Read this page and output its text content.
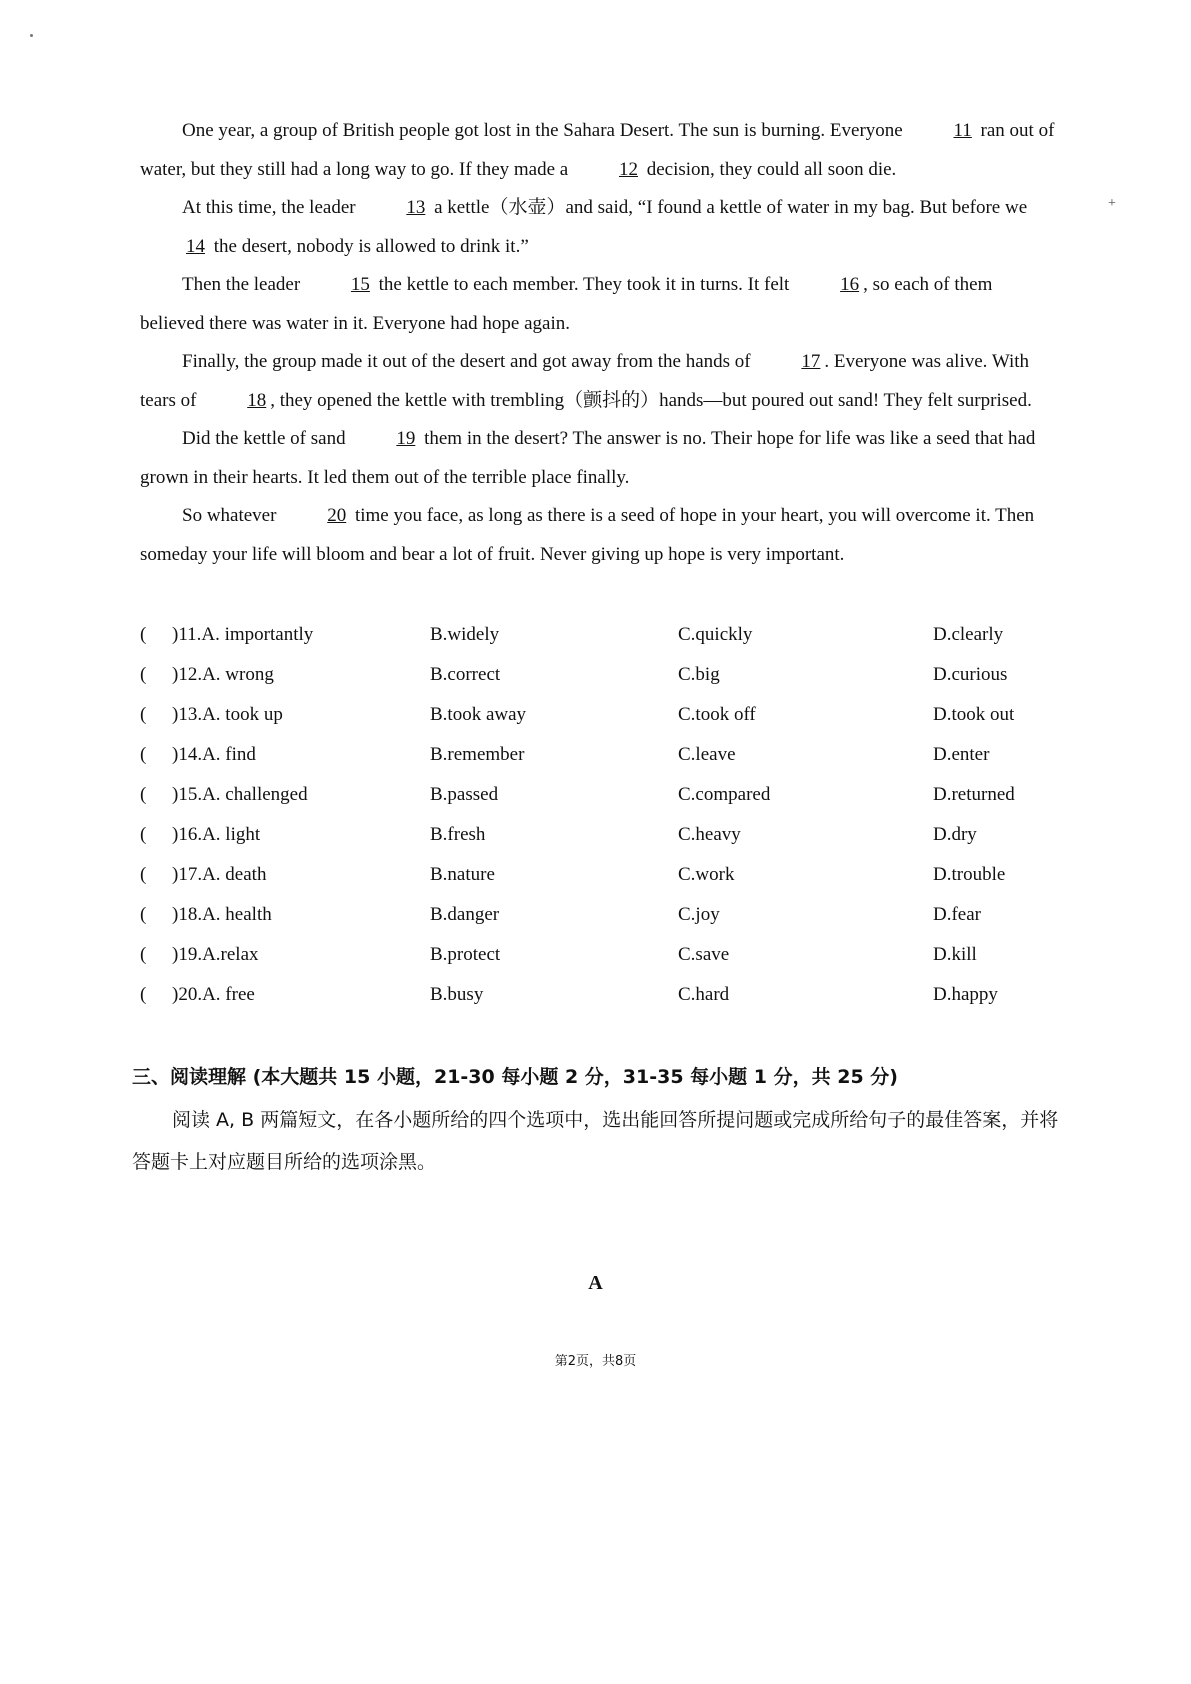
+

One year, a group of British people got lost in the Sahara Desert. The sun is burning. Everyone 11 ran out of water, but they still had a long way to go. If they made a 12 decision, they could all soon die.

At this time, the leader 13 a kettle（水壶）and said, “I found a kettle of water in my bag. But before we 14 the desert, nobody is allowed to drink it.”

Then the leader 15 the kettle to each member. They took it in turns. It felt 16 , so each of them believed there was water in it. Everyone had hope again.

Finally, the group made it out of the desert and got away from the hands of 17 . Everyone was alive. With tears of 18 , they opened the kettle with trembling（颤抖的）hands—but poured out sand! They felt surprised.

Did the kettle of sand 19 them in the desert? The answer is no. Their hope for life was like a seed that had grown in their hearts. It led them out of the terrible place finally.

So whatever 20 time you face, as long as there is a seed of hope in your heart, you will overcome it. Then someday your life will bloom and bear a lot of fruit. Never giving up hope is very important.

(	)11.A. importantly	B.widely	C.quickly	D.clearly
(	)12.A. wrong	B.correct	C.big	D.curious
(	)13.A. took up	B.took away	C.took off	D.took out
(	)14.A. find	B.remember	C.leave	D.enter
(	)15.A. challenged	B.passed	C.compared	D.returned
(	)16.A. light	B.fresh	C.heavy	D.dry
(	)17.A. death	B.nature	C.work	D.trouble
(	)18.A. health	B.danger	C.joy	D.fear
(	)19.A.relax	B.protect	C.save	D.kill
(	)20.A. free	B.busy	C.hard	D.happy

三、阅读理解 (本大题共 15 小题，21-30 每小题 2 分，31-35 每小题 1 分，共 25 分)

阅读 A, B 两篇短文，在各小题所给的四个选项中，选出能回答所提问题或完成所给句子的最佳答案，并将答题卡上对应题目所给的选项涂黑。

A
第2页，共8页
